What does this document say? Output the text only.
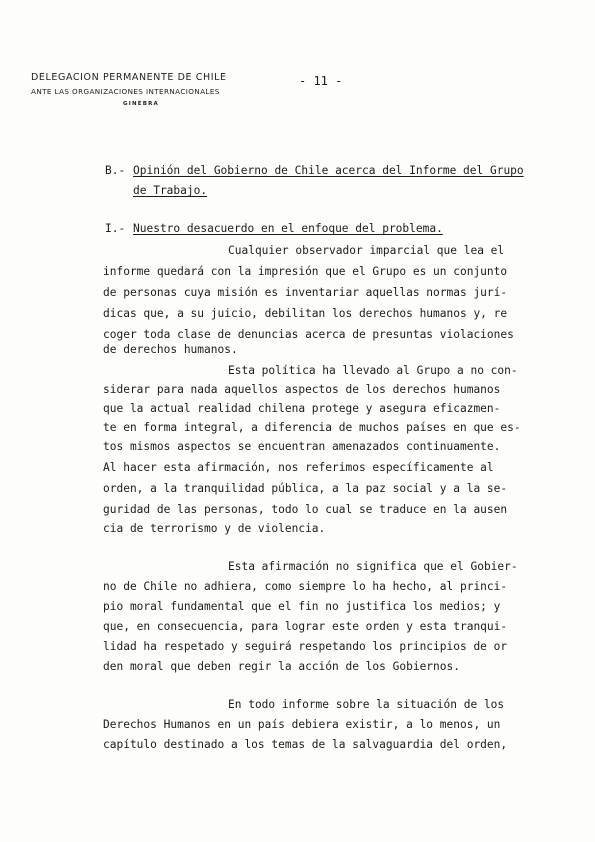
DELEGACION PERMANENTE DE CHILE
ANTE LAS ORGANIZACIONES INTERNACIONALES
GINEBRA
- 11 -
B.- Opinión del Gobierno de Chile acerca del Informe del Grupo
de Trabajo.
I.- Nuestro desacuerdo en el enfoque del problema.
Cualquier observador imparcial que lea el
informe quedará con la impresión que el Grupo es un conjunto
de personas cuya misión es inventariar aquellas normas jurí-
dicas que, a su juicio, debilitan los derechos humanos y, re
coger toda clase de denuncias acerca de presuntas violaciones
de derechos humanos.
Esta política ha llevado al Grupo a no con-
siderar para nada aquellos aspectos de los derechos humanos
que la actual realidad chilena protege y asegura eficazmen-
te en forma integral, a diferencia de muchos países en que es-
tos mismos aspectos se encuentran amenazados continuamente.
Al hacer esta afirmación, nos referimos específicamente al
orden, a la tranquilidad pública, a la paz social y a la se-
guridad de las personas, todo lo cual se traduce en la ausen
cia de terrorismo y de violencia.
Esta afirmación no significa que el Gobier-
no de Chile no adhiera, como siempre lo ha hecho, al princi-
pio moral fundamental que el fin no justifica los medios; y
que, en consecuencia, para lograr este orden y esta tranqui-
lidad ha respetado y seguirá respetando los principios de or
den moral que deben regir la acción de los Gobiernos.
En todo informe sobre la situación de los
Derechos Humanos en un país debiera existir, a lo menos, un
capítulo destinado a los temas de la salvaguardia del orden,
